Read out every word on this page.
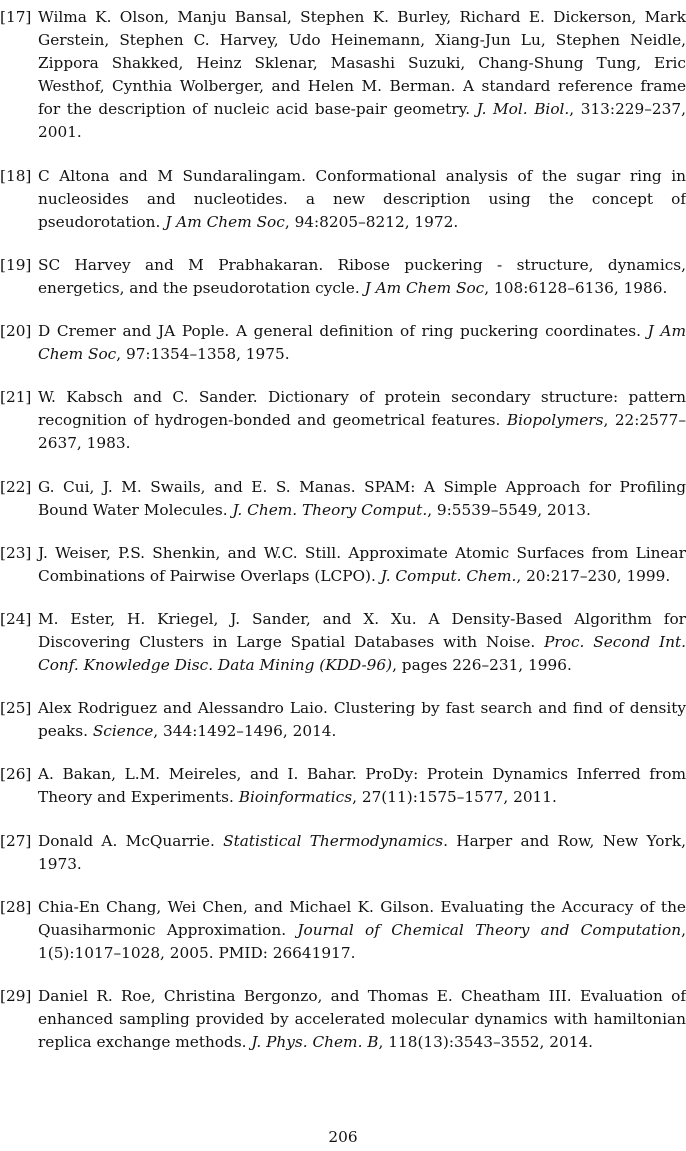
[17] Wilma K. Olson, Manju Bansal, Stephen K. Burley, Richard E. Dickerson, Mark Gerstein, Stephen C. Harvey, Udo Heinemann, Xiang-Jun Lu, Stephen Neidle, Zippora Shakked, Heinz Sklenar, Masashi Suzuki, Chang-Shung Tung, Eric Westhof, Cynthia Wolberger, and Helen M. Berman. A standard reference frame for the description of nucleic acid base-pair geometry. J. Mol. Biol., 313:229–237, 2001.
[18] C Altona and M Sundaralingam. Conformational analysis of the sugar ring in nucleosides and nucleotides. a new description using the concept of pseudorotation. J Am Chem Soc, 94:8205–8212, 1972.
[19] SC Harvey and M Prabhakaran. Ribose puckering - structure, dynamics, energetics, and the pseudorotation cycle. J Am Chem Soc, 108:6128–6136, 1986.
[20] D Cremer and JA Pople. A general definition of ring puckering coordinates. J Am Chem Soc, 97:1354–1358, 1975.
[21] W. Kabsch and C. Sander. Dictionary of protein secondary structure: pattern recognition of hydrogen-bonded and geometrical features. Biopolymers, 22:2577–2637, 1983.
[22] G. Cui, J. M. Swails, and E. S. Manas. SPAM: A Simple Approach for Profiling Bound Water Molecules. J. Chem. Theory Comput., 9:5539–5549, 2013.
[23] J. Weiser, P.S. Shenkin, and W.C. Still. Approximate Atomic Surfaces from Linear Combinations of Pairwise Overlaps (LCPO). J. Comput. Chem., 20:217–230, 1999.
[24] M. Ester, H. Kriegel, J. Sander, and X. Xu. A Density-Based Algorithm for Discovering Clusters in Large Spatial Databases with Noise. Proc. Second Int. Conf. Knowledge Disc. Data Mining (KDD-96), pages 226–231, 1996.
[25] Alex Rodriguez and Alessandro Laio. Clustering by fast search and find of density peaks. Science, 344:1492–1496, 2014.
[26] A. Bakan, L.M. Meireles, and I. Bahar. ProDy: Protein Dynamics Inferred from Theory and Experiments. Bioinformatics, 27(11):1575–1577, 2011.
[27] Donald A. McQuarrie. Statistical Thermodynamics. Harper and Row, New York, 1973.
[28] Chia-En Chang, Wei Chen, and Michael K. Gilson. Evaluating the Accuracy of the Quasiharmonic Approximation. Journal of Chemical Theory and Computation, 1(5):1017–1028, 2005. PMID: 26641917.
[29] Daniel R. Roe, Christina Bergonzo, and Thomas E. Cheatham III. Evaluation of enhanced sampling provided by accelerated molecular dynamics with hamiltonian replica exchange methods. J. Phys. Chem. B, 118(13):3543–3552, 2014.
206
